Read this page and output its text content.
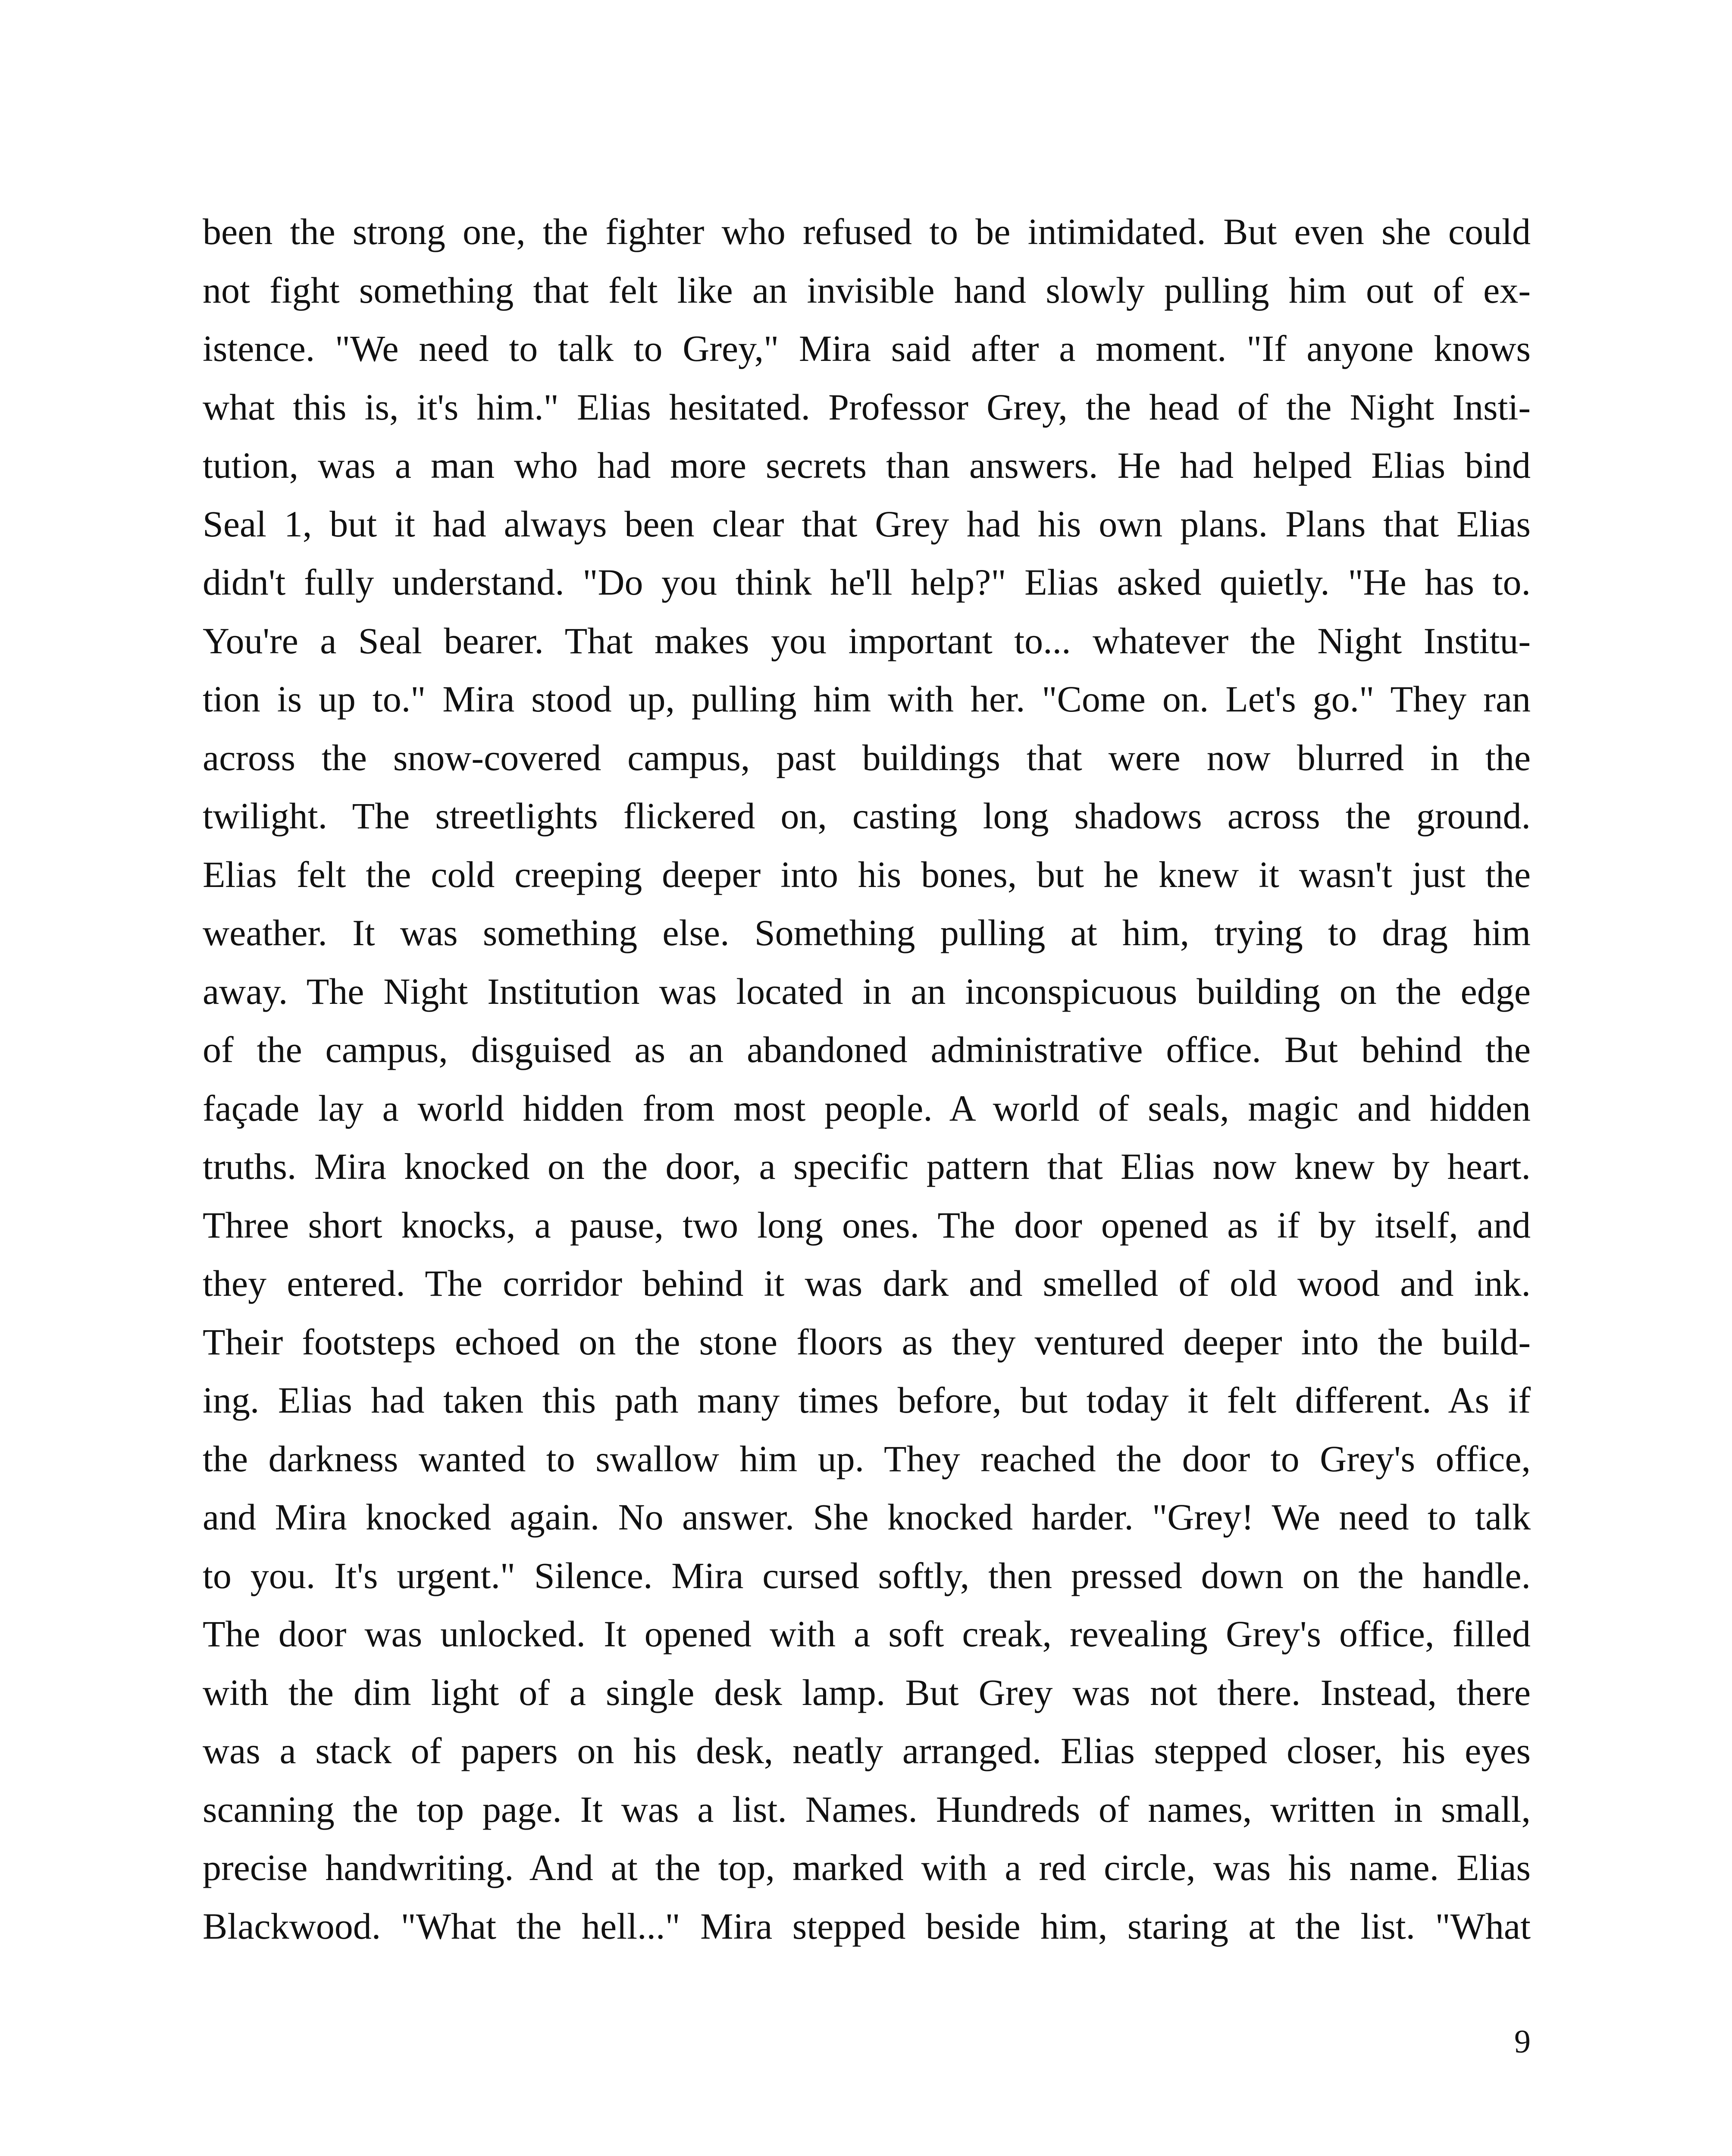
been the strong one, the fighter who refused to be intimidated. But even she could
not fight something that felt like an invisible hand slowly pulling him out of ex-
istence. "We need to talk to Grey," Mira said after a moment. "If anyone knows
what this is, it's him." Elias hesitated. Professor Grey, the head of the Night Insti-
tution, was a man who had more secrets than answers. He had helped Elias bind
Seal 1, but it had always been clear that Grey had his own plans. Plans that Elias
didn't fully understand. "Do you think he'll help?" Elias asked quietly. "He has to.
You're a Seal bearer. That makes you important to... whatever the Night Institu-
tion is up to." Mira stood up, pulling him with her. "Come on. Let's go." They ran
across the snow-covered campus, past buildings that were now blurred in the
twilight. The streetlights flickered on, casting long shadows across the ground.
Elias felt the cold creeping deeper into his bones, but he knew it wasn't just the
weather. It was something else. Something pulling at him, trying to drag him
away. The Night Institution was located in an inconspicuous building on the edge
of the campus, disguised as an abandoned administrative office. But behind the
façade lay a world hidden from most people. A world of seals, magic and hidden
truths. Mira knocked on the door, a specific pattern that Elias now knew by heart.
Three short knocks, a pause, two long ones. The door opened as if by itself, and
they entered. The corridor behind it was dark and smelled of old wood and ink.
Their footsteps echoed on the stone floors as they ventured deeper into the build-
ing. Elias had taken this path many times before, but today it felt different. As if
the darkness wanted to swallow him up. They reached the door to Grey's office,
and Mira knocked again. No answer. She knocked harder. "Grey! We need to talk
to you. It's urgent." Silence. Mira cursed softly, then pressed down on the handle.
The door was unlocked. It opened with a soft creak, revealing Grey's office, filled
with the dim light of a single desk lamp. But Grey was not there. Instead, there
was a stack of papers on his desk, neatly arranged. Elias stepped closer, his eyes
scanning the top page. It was a list. Names. Hundreds of names, written in small,
precise handwriting. And at the top, marked with a red circle, was his name. Elias
Blackwood. "What the hell..." Mira stepped beside him, staring at the list. "What
9
